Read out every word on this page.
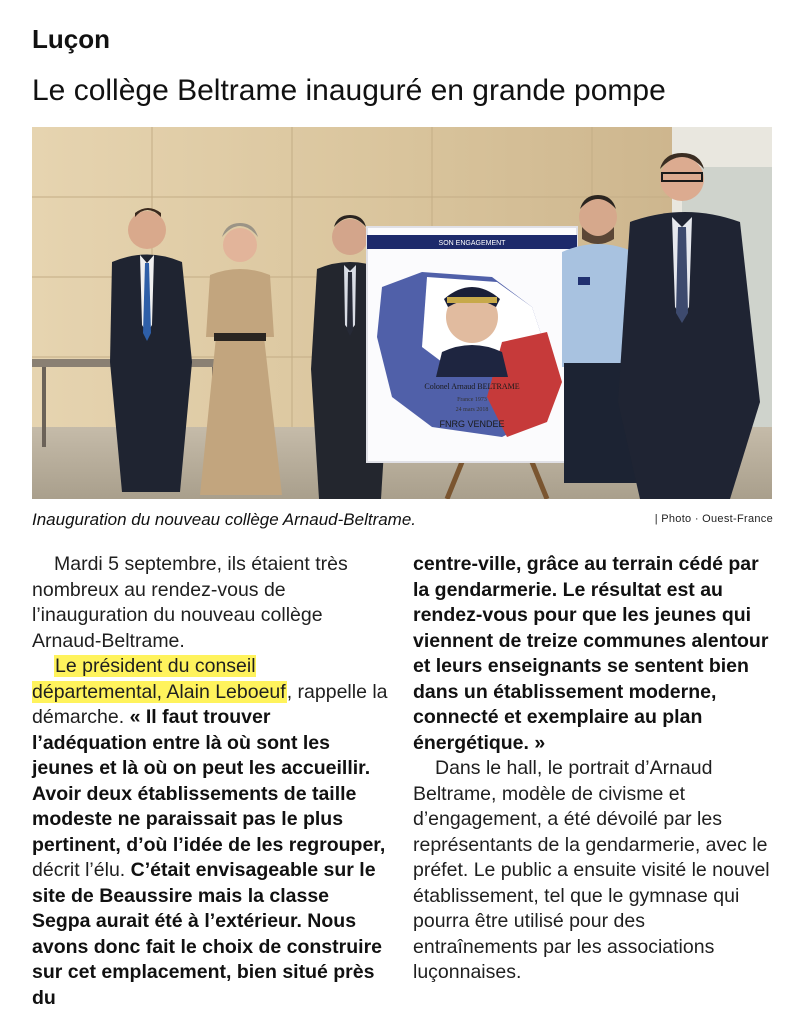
Luçon
Le collège Beltrame inauguré en grande pompe
SON ENGAGEMENT
Colonel Arnaud BELTRAME
France 1973
24 mars 2018
FNRG VENDEE
Inauguration du nouveau collège Arnaud-Beltrame.	| Photo · Ouest-France

Mardi 5 septembre, ils étaient très nombreux au rendez-vous de l’inauguration du nouveau collège Arnaud-Beltrame.

Le président du conseil départemental, Alain Leboeuf, rappelle la démarche. « Il faut trouver l’adéquation entre là où sont les jeunes et là où on peut les accueillir. Avoir deux établissements de taille modeste ne paraissait pas le plus pertinent, d’où l’idée de les regrouper, décrit l’élu. C’était envisageable sur le site de Beaussire mais la classe Segpa aurait été à l’extérieur. Nous avons donc fait le choix de construire sur cet emplacement, bien situé près du

centre-ville, grâce au terrain cédé par la gendarmerie. Le résultat est au rendez-vous pour que les jeunes qui viennent de treize communes alentour et leurs enseignants se sentent bien dans un établissement moderne, connecté et exemplaire au plan énergétique. »

Dans le hall, le portrait d’Arnaud Beltrame, modèle de civisme et d’engagement, a été dévoilé par les représentants de la gendarmerie, avec le préfet. Le public a ensuite visité le nouvel établissement, tel que le gymnase qui pourra être utilisé pour des entraînements par les associations luçonnaises.
